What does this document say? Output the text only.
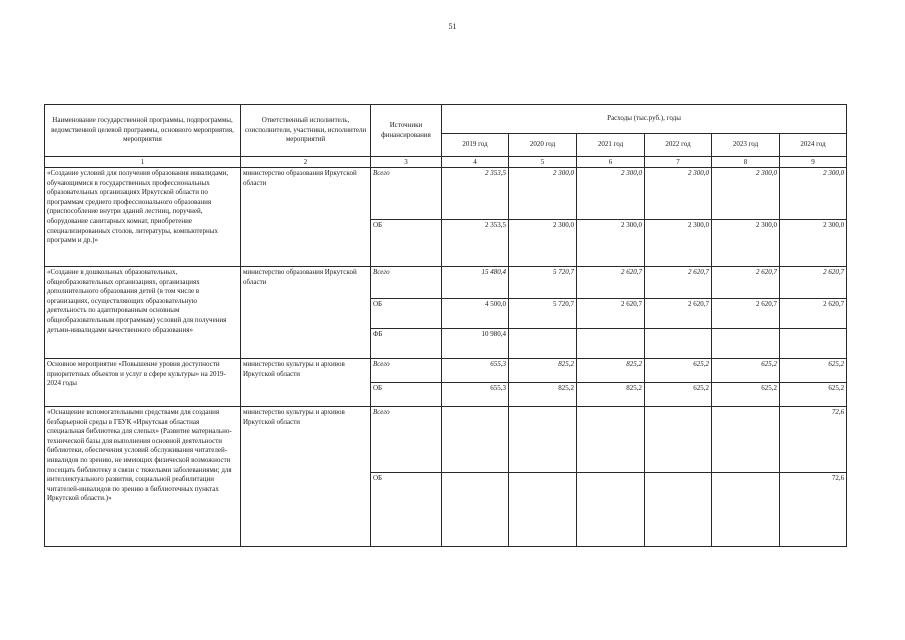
51
Наименование государственной программы, подпрограммы, ведомственной целевой программы, основного мероприятия, мероприятия	Ответственный исполнитель, соисполнители, участники, исполнители мероприятий	Источники финансирования	Расходы (тыс.руб.), годы					
			2019 год	2020 год	2021 год	2022 год	2023 год	2024 год
1	2	3	4	5	6	7	8	9
«Создание условий для получения образования инвалидами, обучающимися в государственных профессиональных образовательных организациях Иркутской области по программам среднего профессионального образования (приспособление внутри зданий лестниц, поручней, оборудование санитарных комнат, приобретение специализированных столов, литературы, компьютерных программ и др.)»	министерство образования Иркутской области	Всего	2 353,5	2 300,0	2 300,0	2 300,0	2 300,0	2 300,0
		ОБ	2 353,5	2 300,0	2 300,0	2 300,0	2 300,0	2 300,0
«Создание в дошкольных образовательных, общеобразовательных организациях, организациях дополнительного образования детей (в том числе в организациях, осуществляющих образовательную деятельность по адаптированным основным общеобразовательным программам) условий для получения детьми-инвалидами качественного образования»	министерство образования Иркутской области	Всего	15 480,4	5 720,7	2 620,7	2 620,7	2 620,7	2 620,7
		ОБ	4 500,0	5 720,7	2 620,7	2 620,7	2 620,7	2 620,7
		ФБ	10 980,4					
Основное мероприятие «Повышение уровня доступности приоритетных объектов и услуг в сфере культуры» на 2019-2024 годы	министерство культуры и архивов Иркутской области	Всего	655,3	825,2	825,2	625,2	625,2	625,2
		ОБ	655,3	825,2	825,2	625,2	625,2	625,2
«Оснащение вспомогательными средствами для создания безбарьерной среды в ГБУК «Иркутская областная специальная библиотека для слепых» (Развитие материально-технической базы для выполнения основной деятельности библиотеки, обеспечения условий обслуживания читателей-инвалидов по зрению, не имеющих физической возможности посещать библиотеку в связи с тяжелыми заболеваниями; для интеллектуального развития, социальной реабилитации читателей-инвалидов по зрению в библиотечных пунктах Иркутской области.)»	министерство культуры и архивов Иркутской области	Всего						72,6
		ОБ						72,6
